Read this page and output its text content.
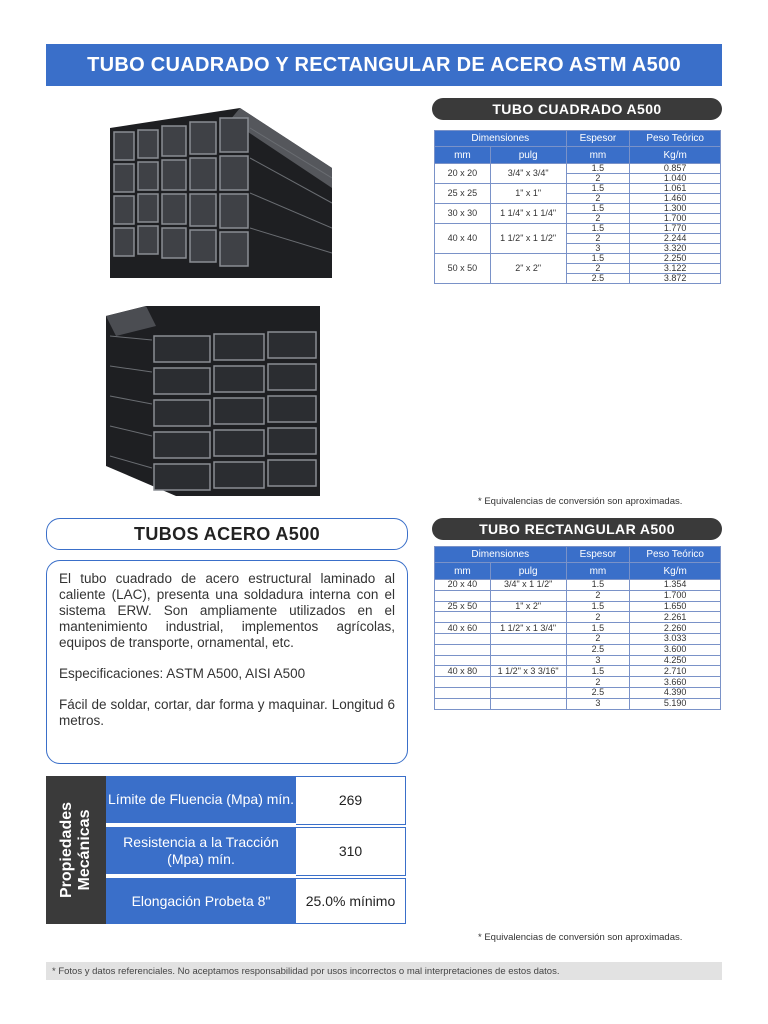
TUBO CUADRADO Y RECTANGULAR DE ACERO ASTM A500
TUBO CUADRADO A500
Dimensiones		Espesor	Peso Teórico
mm	pulg	mm	Kg/m
20 x 20	3/4" x 3/4"	1.5	0.857
		2	1.040
25 x 25	1" x 1"	1.5	1.061
		2	1.460
30 x 30	1 1/4" x 1 1/4"	1.5	1.300
		2	1.700
40 x 40	1 1/2" x 1 1/2"	1.5	1.770
		2	2.244
		3	3.320
50 x 50	2" x 2"	1.5	2.250
		2	3.122
		2.5	3.872
* Equivalencias de conversión son aproximadas.
TUBO RECTANGULAR A500
Dimensiones		Espesor	Peso Teórico
mm	pulg	mm	Kg/m
20 x 40	3/4" x 1 1/2"	1.5	1.354
		2	1.700
25 x 50	1" x 2"	1.5	1.650
		2	2.261
40 x 60	1 1/2" x 1 3/4"	1.5	2.260
		2	3.033
		2.5	3.600
		3	4.250
40 x 80	1 1/2" x 3 3/16"	1.5	2.710
		2	3.660
		2.5	4.390
		3	5.190
* Equivalencias de conversión son aproximadas.
TUBOS ACERO A500

El tubo cuadrado de acero estructural laminado al caliente (LAC), presenta una soldadura interna con el sistema ERW. Son ampliamente utilizados en el mantenimiento industrial, implementos agrícolas, equipos de transporte, ornamental, etc.

Especificaciones: ASTM A500, AISI A500

Fácil de soldar, cortar, dar forma y maquinar. Longitud 6 metros.

Propiedades
Mecánicas
Límite de Fluencia (Mpa) mín.	269
Resistencia a la Tracción (Mpa) mín.	310
Elongación Probeta 8"	25.0% mínimo
* Fotos y datos referenciales. No aceptamos responsabilidad por usos incorrectos o mal interpretaciones de estos datos.
